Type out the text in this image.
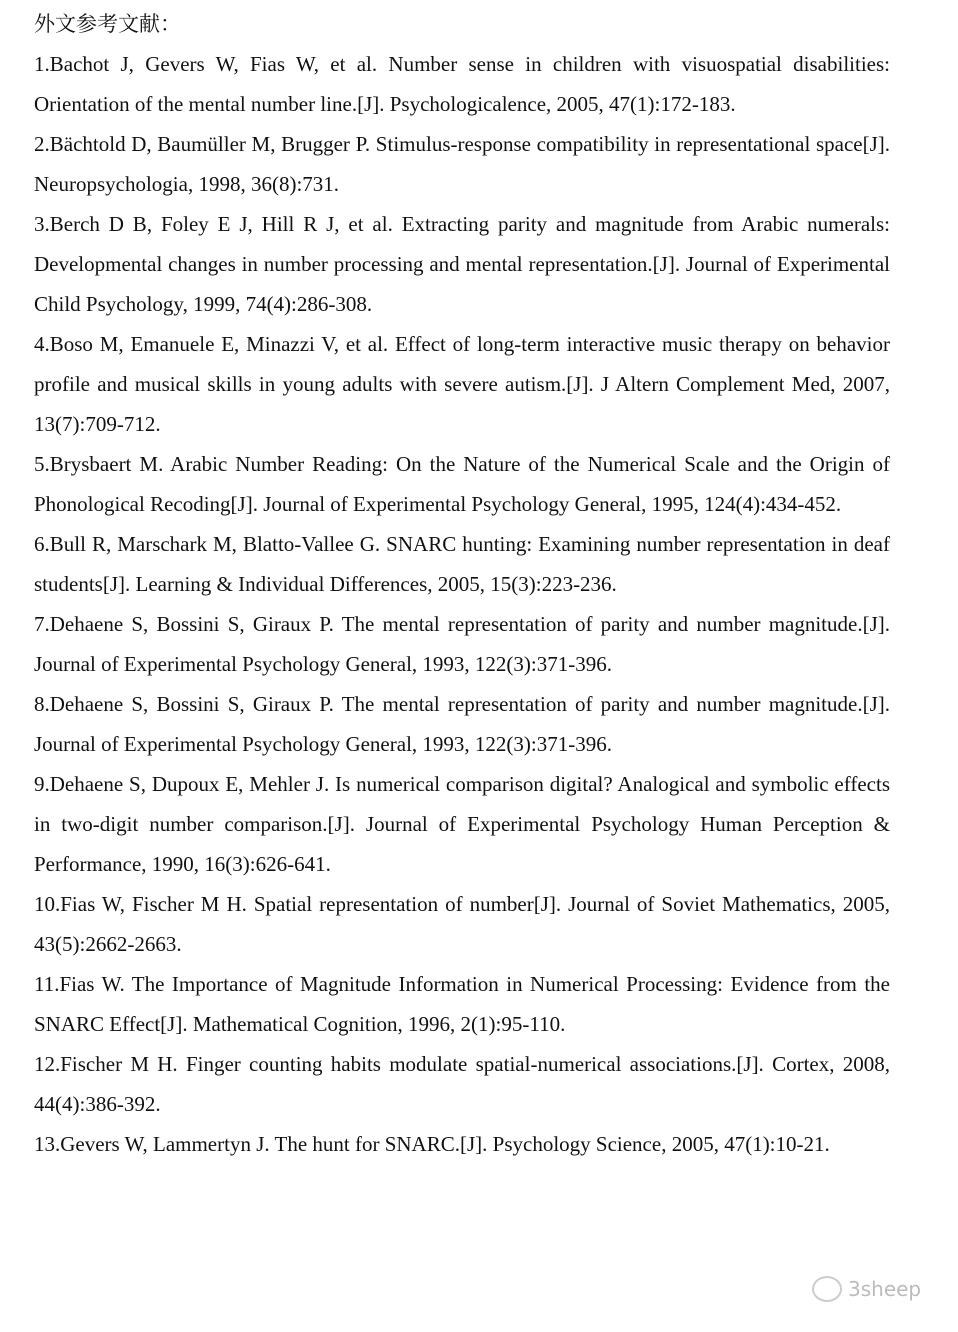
外文参考文献：

1.Bachot J, Gevers W, Fias W, et al. Number sense in children with visuospatial disabilities: Orientation of the mental number line.[J]. Psychologicalence, 2005, 47(1):172-183.

2.Bächtold D, Baumüller M, Brugger P. Stimulus-response compatibility in representational space[J]. Neuropsychologia, 1998, 36(8):731.

3.Berch D B, Foley E J, Hill R J, et al. Extracting parity and magnitude from Arabic numerals: Developmental changes in number processing and mental representation.[J]. Journal of Experimental Child Psychology, 1999, 74(4):286-308.

4.Boso M, Emanuele E, Minazzi V, et al. Effect of long-term interactive music therapy on behavior profile and musical skills in young adults with severe autism.[J]. J Altern Complement Med, 2007, 13(7):709-712.

5.Brysbaert M. Arabic Number Reading: On the Nature of the Numerical Scale and the Origin of Phonological Recoding[J]. Journal of Experimental Psychology General, 1995, 124(4):434-452.

6.Bull R, Marschark M, Blatto-Vallee G. SNARC hunting: Examining number representation in deaf students[J]. Learning & Individual Differences, 2005, 15(3):223-236.

7.Dehaene S, Bossini S, Giraux P. The mental representation of parity and number magnitude.[J]. Journal of Experimental Psychology General, 1993, 122(3):371-396.

8.Dehaene S, Bossini S, Giraux P. The mental representation of parity and number magnitude.[J]. Journal of Experimental Psychology General, 1993, 122(3):371-396.

9.Dehaene S, Dupoux E, Mehler J. Is numerical comparison digital? Analogical and symbolic effects in two-digit number comparison.[J]. Journal of Experimental Psychology Human Perception & Performance, 1990, 16(3):626-641.

10.Fias W, Fischer M H. Spatial representation of number[J]. Journal of Soviet Mathematics, 2005, 43(5):2662-2663.

11.Fias W. The Importance of Magnitude Information in Numerical Processing: Evidence from the SNARC Effect[J]. Mathematical Cognition, 1996, 2(1):95-110.

12.Fischer M H. Finger counting habits modulate spatial-numerical associations.[J]. Cortex, 2008, 44(4):386-392.

13.Gevers W, Lammertyn J. The hunt for SNARC.[J]. Psychology Science, 2005, 47(1):10-21.

3sheep
